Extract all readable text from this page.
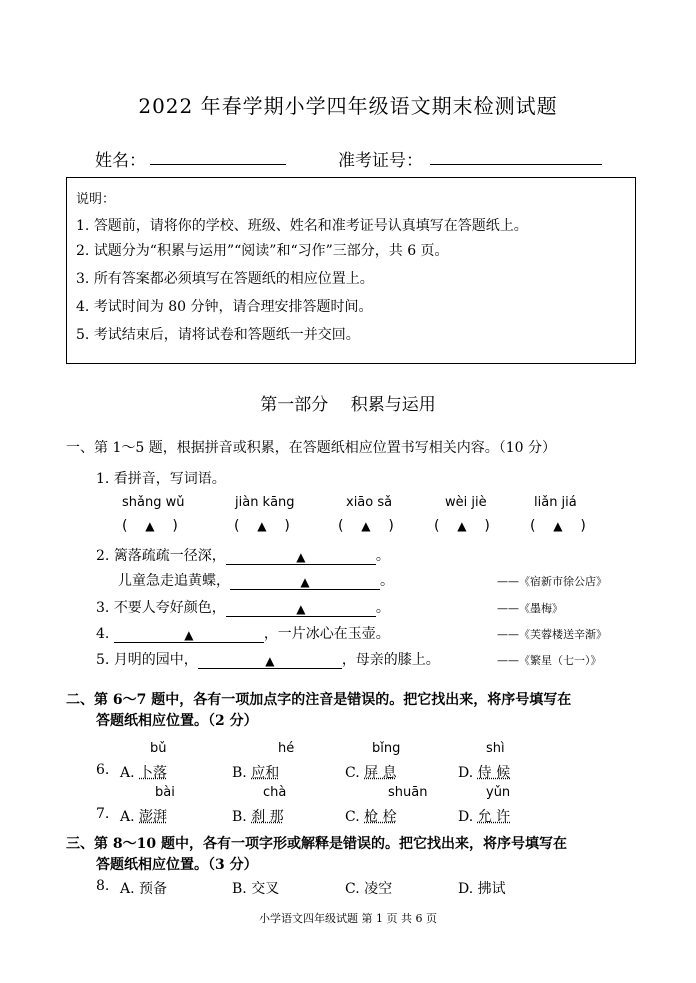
2022 年春学期小学四年级语文期末检测试题
姓名：	准考证号：
说明：
1. 答题前，请将你的学校、班级、姓名和准考证号认真填写在答题纸上。
2. 试题分为“积累与运用”“阅读”和“习作”三部分，共 6 页。
3. 所有答案都必须填写在答题纸的相应位置上。
4. 考试时间为 80 分钟，请合理安排答题时间。
5. 考试结束后，请将试卷和答题纸一并交回。
第一部分　 积累与运用
一、第 1～5 题，根据拼音或积累，在答题纸相应位置书写相关内容。（10 分）
1. 看拼音，写词语。
shǎng wǔ	jiàn kāng	xiāo sǎ	wèi jiè	liǎn jiá
( ▲ )	( ▲ )	( ▲ )	( ▲ )	( ▲ )
2. 篱落疏疏一径深，	▲	。
儿童急走追黄蝶，	▲	。	——《宿新市徐公店》
3. 不要人夸好颜色，	▲	。	——《墨梅》
4.	▲	，一片冰心在玉壶。	——《芙蓉楼送辛渐》
5. 月明的园中，	▲	，母亲的膝上。	——《繁星（七一）》
二、第 6～7 题中，各有一项加点字的注音是错误的。把它找出来，将序号填写在
答题纸相应位置。（2 分）
bǔ	hé	bǐng	shì
6. A. 卜落	B. 应和	C. 屏 息	D. 侍 候
bài	chà	shuān	yǔn
7. A. 澎湃	B. 刹 那	C. 枪 栓	D. 允 许
三、第 8～10 题中，各有一项字形或解释是错误的。把它找出来，将序号填写在
答题纸相应位置。（3 分）
8. A. 预备	B. 交叉	C. 凌空	D. 拂试
小学语文四年级试题 第 1 页 共 6 页
